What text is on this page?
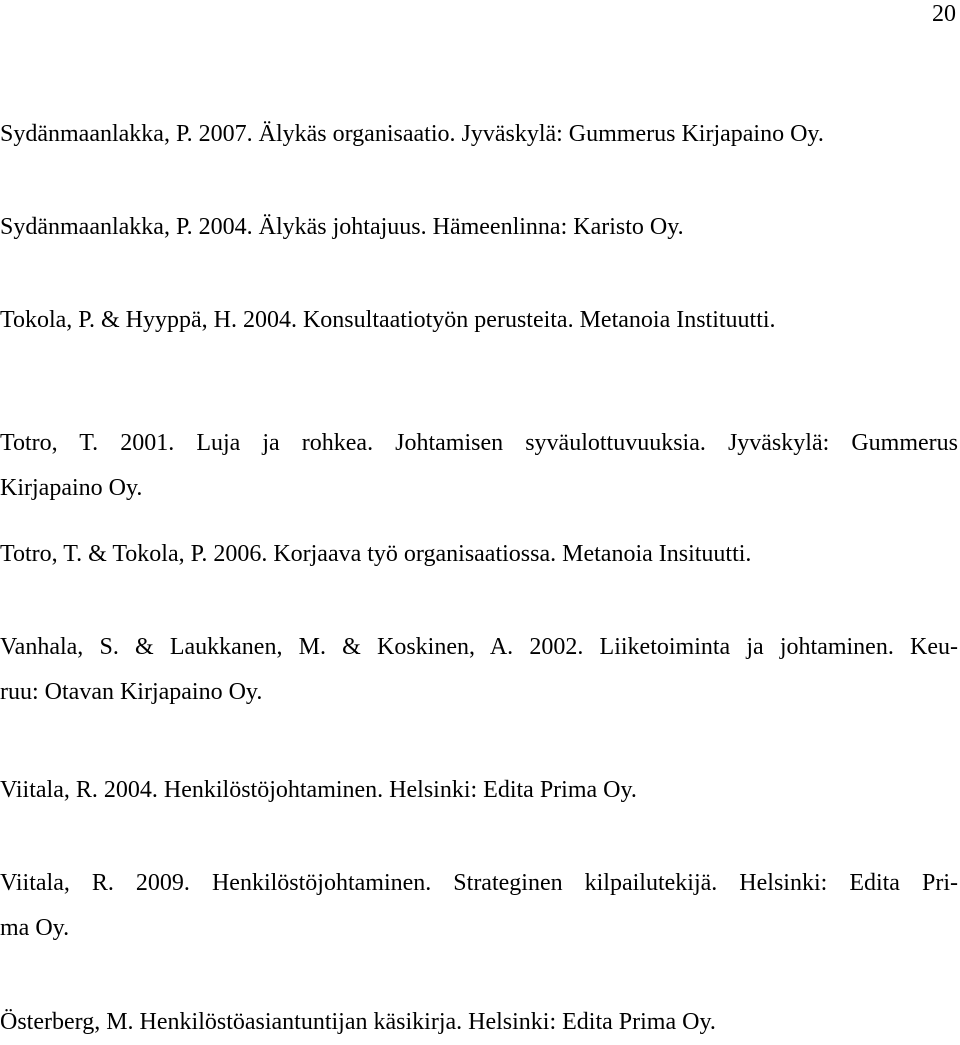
20

Sydänmaanlakka, P. 2007. Älykäs organisaatio. Jyväskylä: Gummerus Kirjapaino Oy.

Sydänmaanlakka, P. 2004. Älykäs johtajuus. Hämeenlinna: Karisto Oy.

Tokola, P. & Hyyppä, H. 2004. Konsultaatiotyön perusteita. Metanoia Instituutti.

Totro, T. 2001. Luja ja rohkea. Johtamisen syväulottuvuuksia. Jyväskylä: Gummerus
Kirjapaino Oy.

Totro, T. & Tokola, P. 2006. Korjaava työ organisaatiossa. Metanoia Insituutti.

Vanhala, S. & Laukkanen, M. & Koskinen, A. 2002. Liiketoiminta ja johtaminen. Keu-
ruu: Otavan Kirjapaino Oy.

Viitala, R. 2004. Henkilöstöjohtaminen. Helsinki: Edita Prima Oy.

Viitala, R. 2009. Henkilöstöjohtaminen. Strateginen kilpailutekijä. Helsinki: Edita Pri-
ma Oy.

Österberg, M. Henkilöstöasiantuntijan käsikirja. Helsinki: Edita Prima Oy.
